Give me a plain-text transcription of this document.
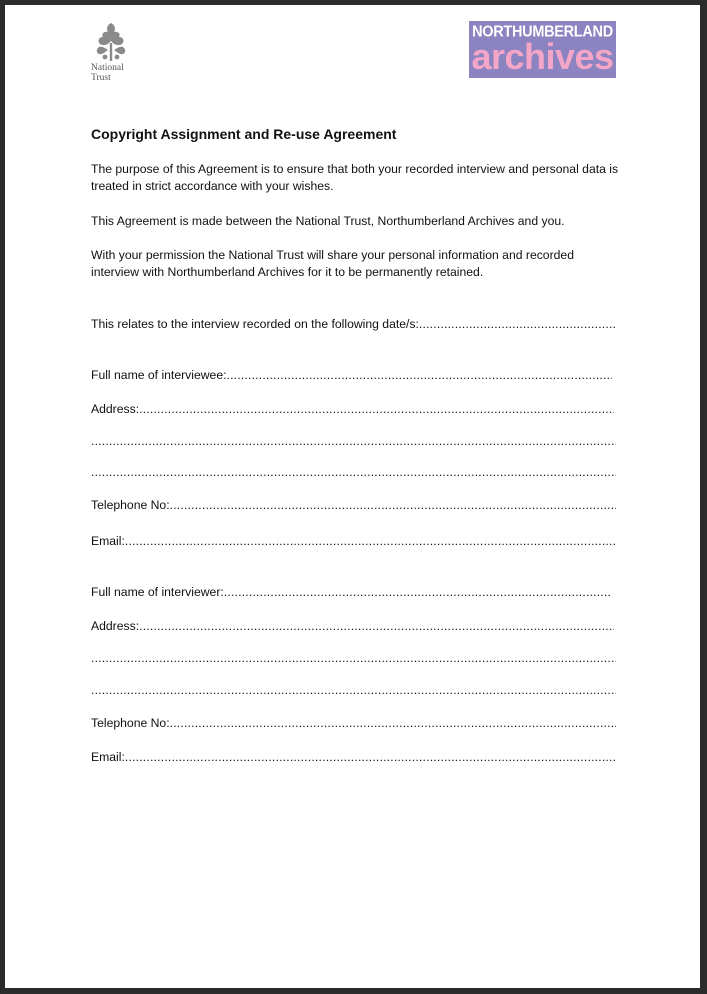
National
Trust
NORTHUMBERLAND
archives
Copyright Assignment and Re-use Agreement
The purpose of this Agreement is to ensure that both your recorded interview and personal data is treated in strict accordance with your wishes.
This Agreement is made between the National Trust, Northumberland Archives and you.
With your permission the National Trust will share your personal information and recorded interview with Northumberland Archives for it to be permanently retained.
This relates to the interview recorded on the following date/s:
.....
Full name of interviewee:
.....
Address:
.....
.....
.....
Telephone No:
.....
Email:
.....
Full name of interviewer:
.....
Address:
.....
.....
.....
Telephone No:
.....
Email:
.....
